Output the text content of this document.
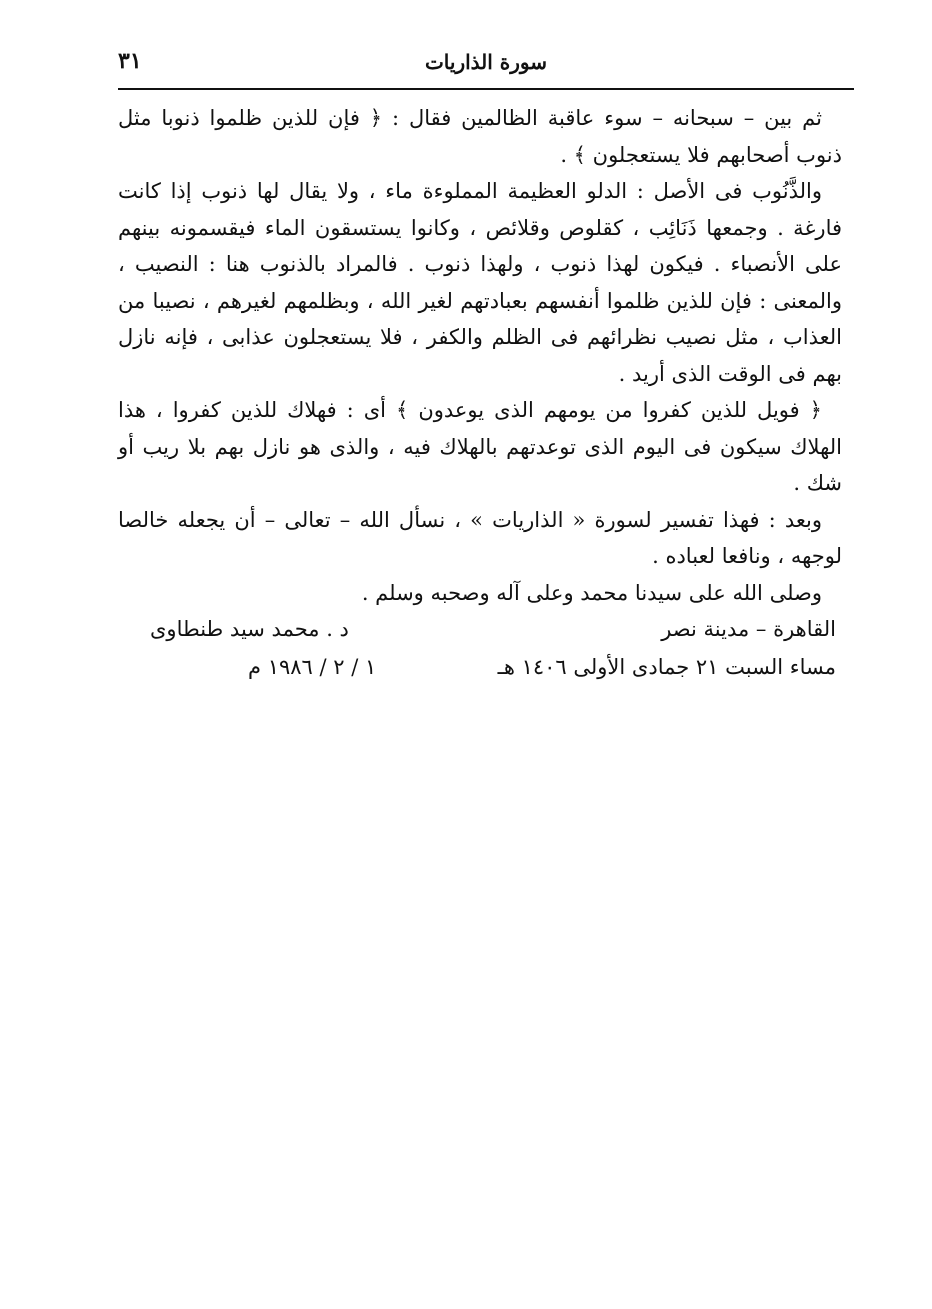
٣١	سورة الذاريات

ثم بين – سبحانه – سوء عاقبة الظالمين فقال : ﴿ فإن للذين ظلموا ذنوبا مثل ذنوب أصحابهم فلا يستعجلون ﴾ .

والذَّنُوب فى الأصل : الدلو العظيمة المملوءة ماء ، ولا يقال لها ذنوب إذا كانت فارغة . وجمعها ذَنَائِب ، كقلوص وقلائص ، وكانوا يستسقون الماء فيقسمونه بينهم على الأنصباء . فيكون لهذا ذنوب ، ولهذا ذنوب . فالمراد بالذنوب هنا : النصيب ، والمعنى : فإن للذين ظلموا أنفسهم بعبادتهم لغير الله ، وبظلمهم لغيرهم ، نصيبا من العذاب ، مثل نصيب نظرائهم فى الظلم والكفر ، فلا يستعجلون عذابى ، فإنه نازل بهم فى الوقت الذى أريد .

﴿ فويل للذين كفروا من يومهم الذى يوعدون ﴾ أى : فهلاك للذين كفروا ، هذا الهلاك سيكون فى اليوم الذى توعدتهم بالهلاك فيه ، والذى هو نازل بهم بلا ريب أو شك .

وبعد : فهذا تفسير لسورة « الذاريات » ، نسأل الله – تعالى – أن يجعله خالصا لوجهه ، ونافعا لعباده .

وصلى الله على سيدنا محمد وعلى آله وصحبه وسلم .

القاهرة – مدينة نصر
د . محمد سيد طنطاوى
مساء السبت ٢١ جمادى الأولى ١٤٠٦ هـ
١ / ٢ / ١٩٨٦ م
